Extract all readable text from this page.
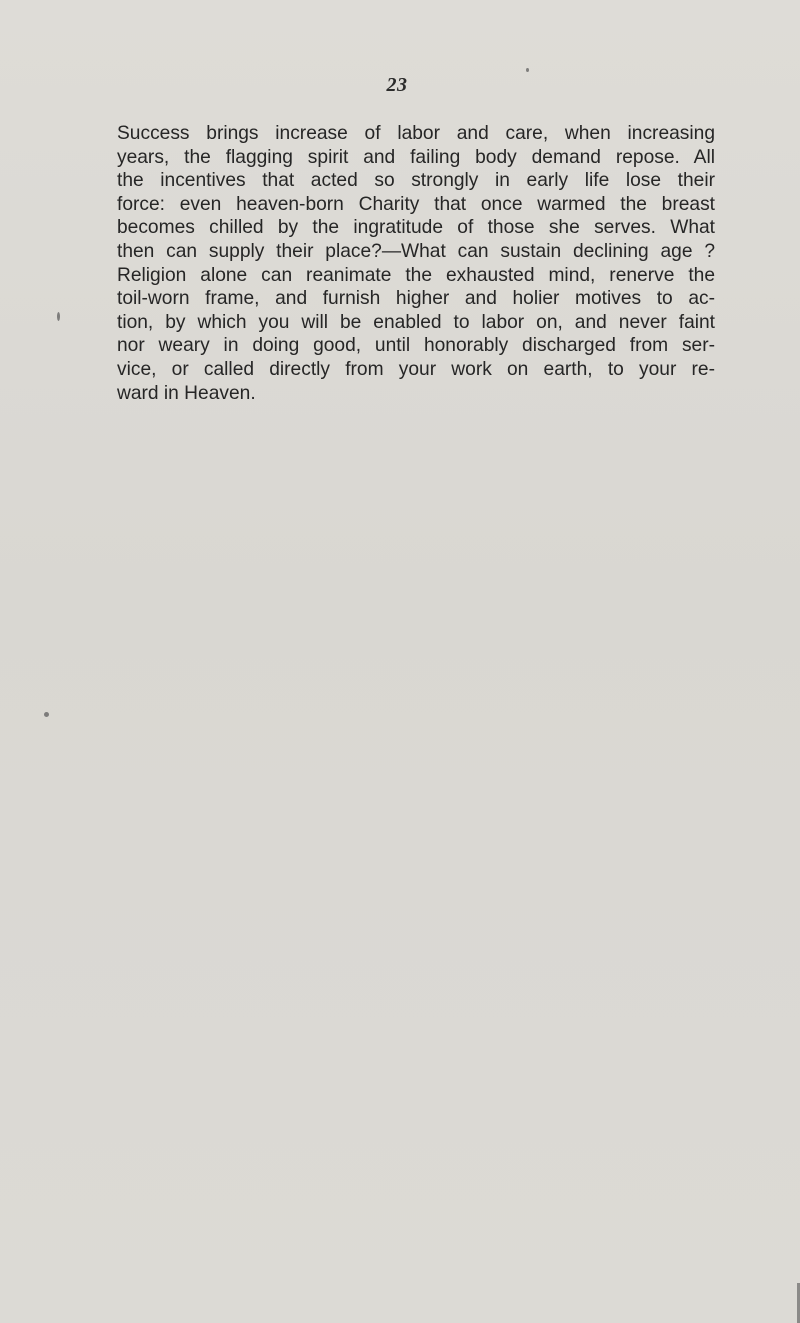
23
Success brings increase of labor and care, when increasing
years, the flagging spirit and failing body demand repose. All
the incentives that acted so strongly in early life lose their
force: even heaven-born Charity that once warmed the breast
becomes chilled by the ingratitude of those she serves. What
then can supply their place?—What can sustain declining age ?
Religion alone can reanimate the exhausted mind, renerve the
toil-worn frame, and furnish higher and holier motives to ac-
tion, by which you will be enabled to labor on, and never faint
nor weary in doing good, until honorably discharged from ser-
vice, or called directly from your work on earth, to your re-
ward in Heaven.
